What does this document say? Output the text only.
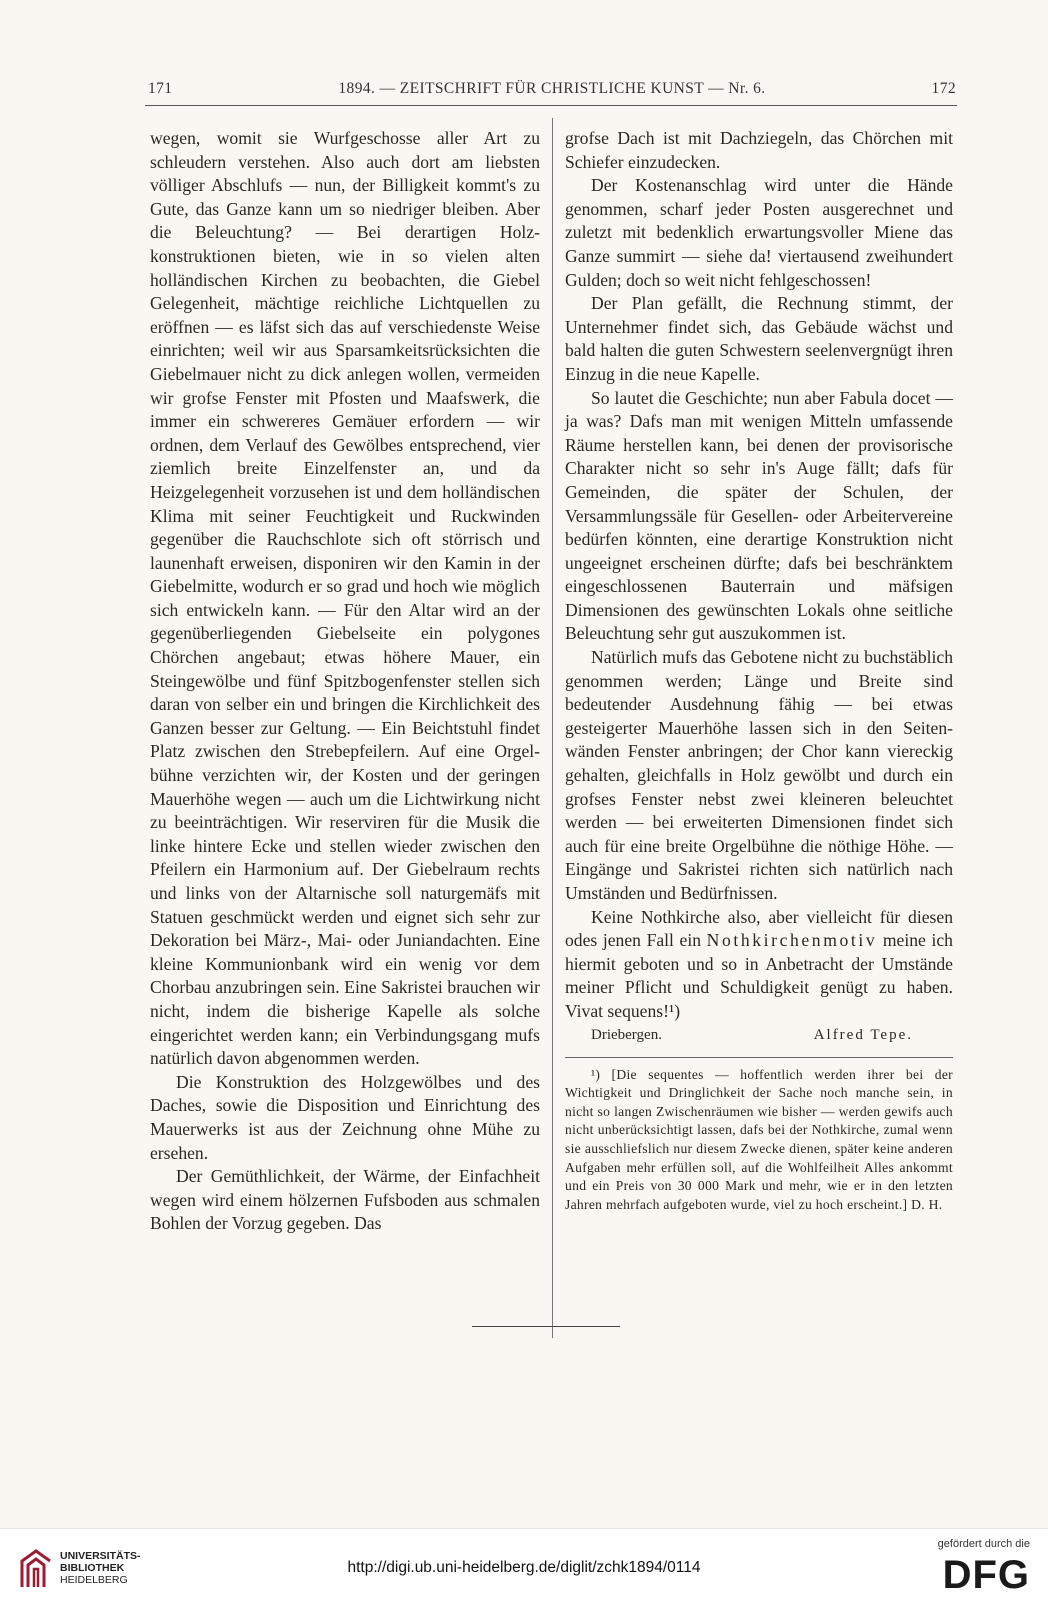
171	1894. — ZEITSCHRIFT FÜR CHRISTLICHE KUNST — Nr. 6.	172

wegen, womit sie Wurfgeschosse aller Art zu schleudern verstehen. Also auch dort am liebsten völliger Abschlufs — nun, der Billigkeit kommt's zu Gute, das Ganze kann um so niedriger bleiben. Aber die Beleuchtung? — Bei derartigen Holzkonstruktionen bieten, wie in so vielen alten holländischen Kirchen zu beobachten, die Giebel Gelegenheit, mächtige reichliche Lichtquellen zu eröffnen — es läfst sich das auf verschiedenste Weise einrichten; weil wir aus Sparsamkeitsrücksichten die Giebelmauer nicht zu dick anlegen wollen, vermeiden wir grofse Fenster mit Pfosten und Maafswerk, die immer ein schwereres Gemäuer erfordern — wir ordnen, dem Verlauf des Gewölbes entsprechend, vier ziemlich breite Einzelfenster an, und da Heizgelegenheit vorzusehen ist und dem holländischen Klima mit seiner Feuchtigkeit und Ruckwinden gegenüber die Rauchschlote sich oft störrisch und launenhaft erweisen, disponiren wir den Kamin in der Giebelmitte, wodurch er so grad und hoch wie möglich sich entwickeln kann. — Für den Altar wird an der gegenüberliegenden Giebelseite ein polygones Chörchen angebaut; etwas höhere Mauer, ein Steingewölbe und fünf Spitzbogenfenster stellen sich daran von selber ein und bringen die Kirchlichkeit des Ganzen besser zur Geltung. — Ein Beichtstuhl findet Platz zwischen den Strebepfeilern. Auf eine Orgelbühne verzichten wir, der Kosten und der geringen Mauerhöhe wegen — auch um die Lichtwirkung nicht zu beeinträchtigen. Wir reserviren für die Musik die linke hintere Ecke und stellen wieder zwischen den Pfeilern ein Harmonium auf. Der Giebelraum rechts und links von der Altarnische soll naturgemäfs mit Statuen geschmückt werden und eignet sich sehr zur Dekoration bei März-, Mai- oder Juniandachten. Eine kleine Kommunionbank wird ein wenig vor dem Chorbau anzubringen sein. Eine Sakristei brauchen wir nicht, indem die bisherige Kapelle als solche eingerichtet werden kann; ein Verbindungsgang mufs natürlich davon abgenommen werden.

Die Konstruktion des Holzgewölbes und des Daches, sowie die Disposition und Einrichtung des Mauerwerks ist aus der Zeichnung ohne Mühe zu ersehen.

Der Gemüthlichkeit, der Wärme, der Einfachheit wegen wird einem hölzernen Fufsboden aus schmalen Bohlen der Vorzug gegeben. Das

grofse Dach ist mit Dachziegeln, das Chörchen mit Schiefer einzudecken.

Der Kostenanschlag wird unter die Hände genommen, scharf jeder Posten ausgerechnet und zuletzt mit bedenklich erwartungsvoller Miene das Ganze summirt — siehe da! viertausend zweihundert Gulden; doch so weit nicht fehlgeschossen!

Der Plan gefällt, die Rechnung stimmt, der Unternehmer findet sich, das Gebäude wächst und bald halten die guten Schwestern seelenvergnügt ihren Einzug in die neue Kapelle.

So lautet die Geschichte; nun aber Fabula docet — ja was? Dafs man mit wenigen Mitteln umfassende Räume herstellen kann, bei denen der provisorische Charakter nicht so sehr in's Auge fällt; dafs für Gemeinden, die später der Schulen, der Versammlungssäle für Gesellen- oder Arbeitervereine bedürfen könnten, eine derartige Konstruktion nicht ungeeignet erscheinen dürfte; dafs bei beschränktem eingeschlossenen Bauterrain und mäfsigen Dimensionen des gewünschten Lokals ohne seitliche Beleuchtung sehr gut auszukommen ist.

Natürlich mufs das Gebotene nicht zu buchstäblich genommen werden; Länge und Breite sind bedeutender Ausdehnung fähig — bei etwas gesteigerter Mauerhöhe lassen sich in den Seitenwänden Fenster anbringen; der Chor kann viereckig gehalten, gleichfalls in Holz gewölbt und durch ein grofses Fenster nebst zwei kleineren beleuchtet werden — bei erweiterten Dimensionen findet sich auch für eine breite Orgelbühne die nöthige Höhe. — Eingänge und Sakristei richten sich natürlich nach Umständen und Bedürfnissen.

Keine Nothkirche also, aber vielleicht für diesen odes jenen Fall ein Nothkirchenmotiv meine ich hiermit geboten und so in Anbetracht der Umstände meiner Pflicht und Schuldigkeit genügt zu haben. Vivat sequens!¹)

Driebergen.	Alfred Tepe.

¹) [Die sequentes — hoffentlich werden ihrer bei der Wichtigkeit und Dringlichkeit der Sache noch manche sein, in nicht so langen Zwischenräumen wie bisher — werden gewifs auch nicht unberücksichtigt lassen, dafs bei der Nothkirche, zumal wenn sie ausschliefslich nur diesem Zwecke dienen, später keine anderen Aufgaben mehr erfüllen soll, auf die Wohlfeilheit Alles ankommt und ein Preis von 30 000 Mark und mehr, wie er in den letzten Jahren mehrfach aufgeboten wurde, viel zu hoch erscheint.] D. H.

UNIVERSITÄTS-
BIBLIOTHEK
HEIDELBERG
http://digi.ub.uni-heidelberg.de/diglit/zchk1894/0114
gefördert durch die
DFG
